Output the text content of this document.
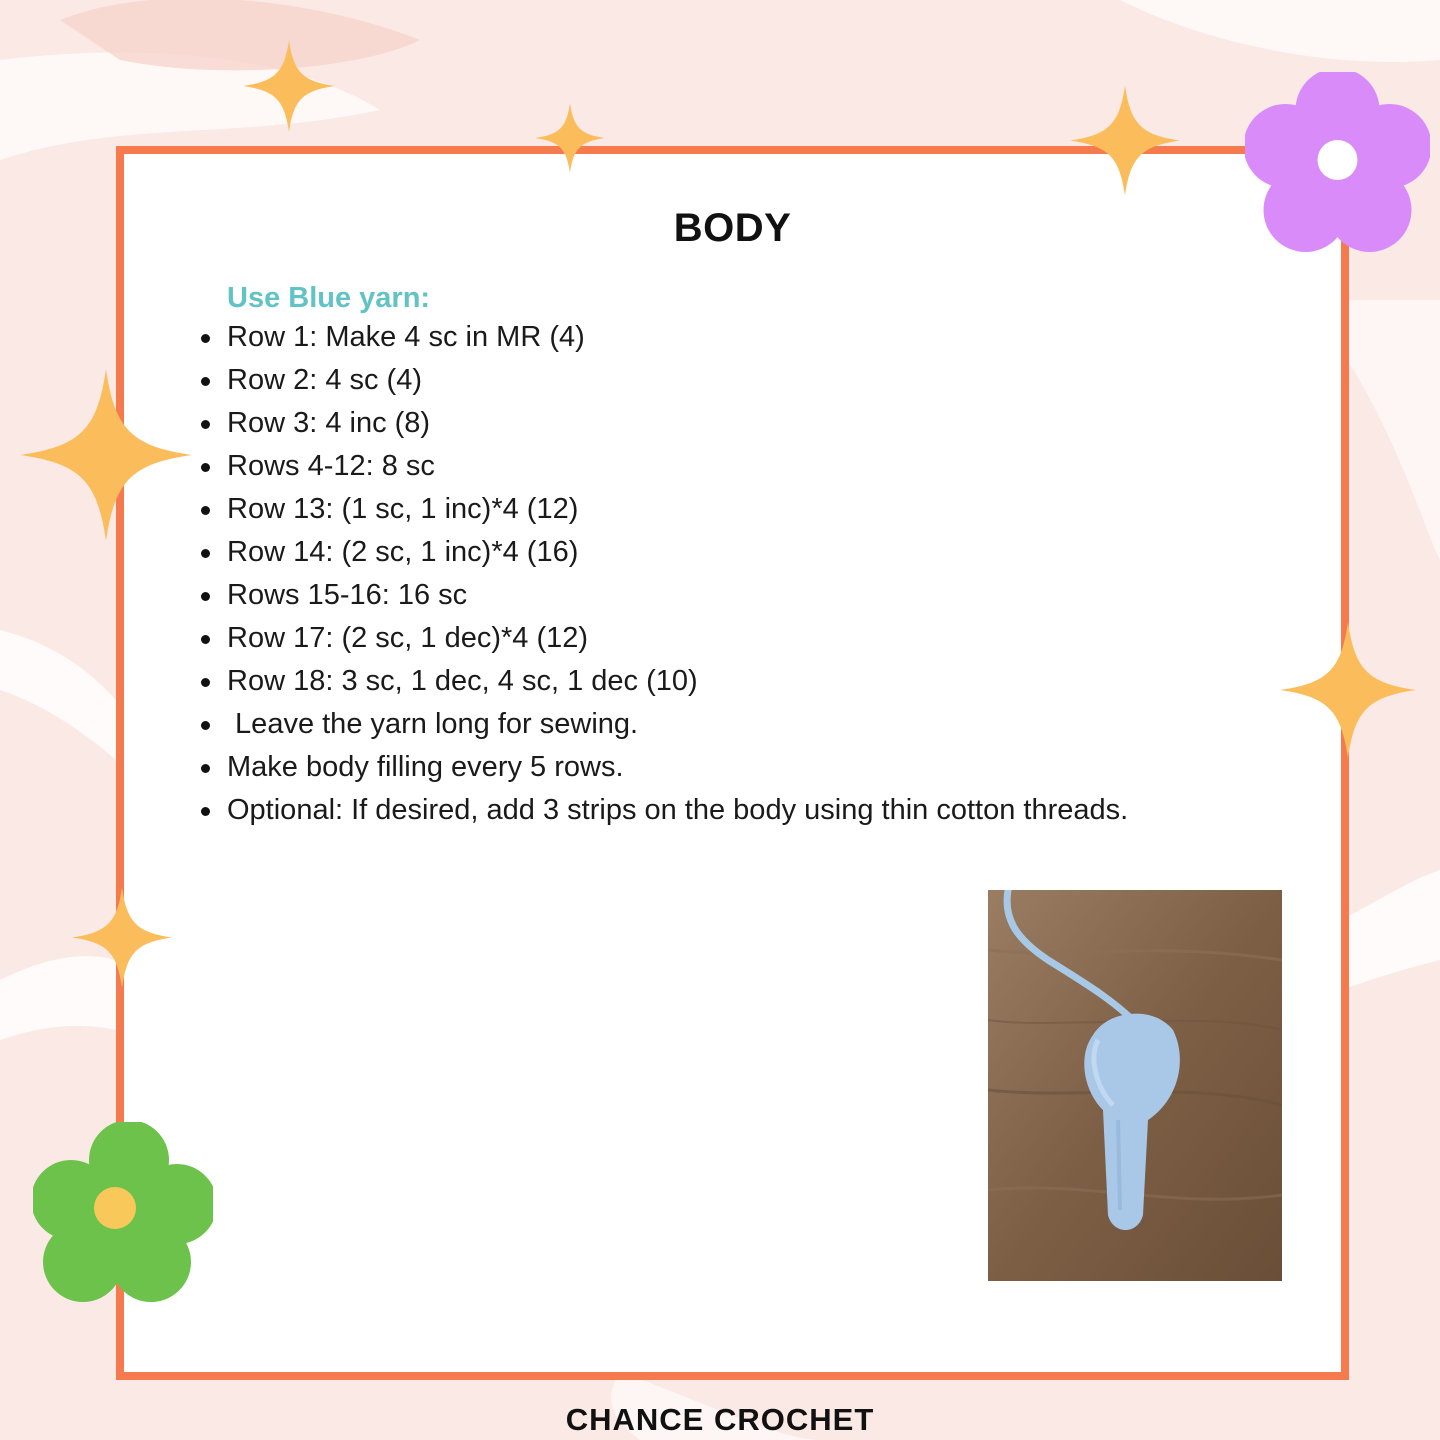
BODY
Use Blue yarn:
Row 1: Make 4 sc in MR (4)
Row 2: 4 sc (4)
Row 3: 4 inc (8)
Rows 4-12: 8 sc
Row 13: (1 sc, 1 inc)*4 (12)
Row 14: (2 sc, 1 inc)*4 (16)
Rows 15-16: 16 sc
Row 17: (2 sc, 1 dec)*4 (12)
Row 18: 3 sc, 1 dec, 4 sc, 1 dec (10)
Leave the yarn long for sewing.
Make body filling every 5 rows.
Optional: If desired, add 3 strips on the body using thin cotton threads.
CHANCE CROCHET
